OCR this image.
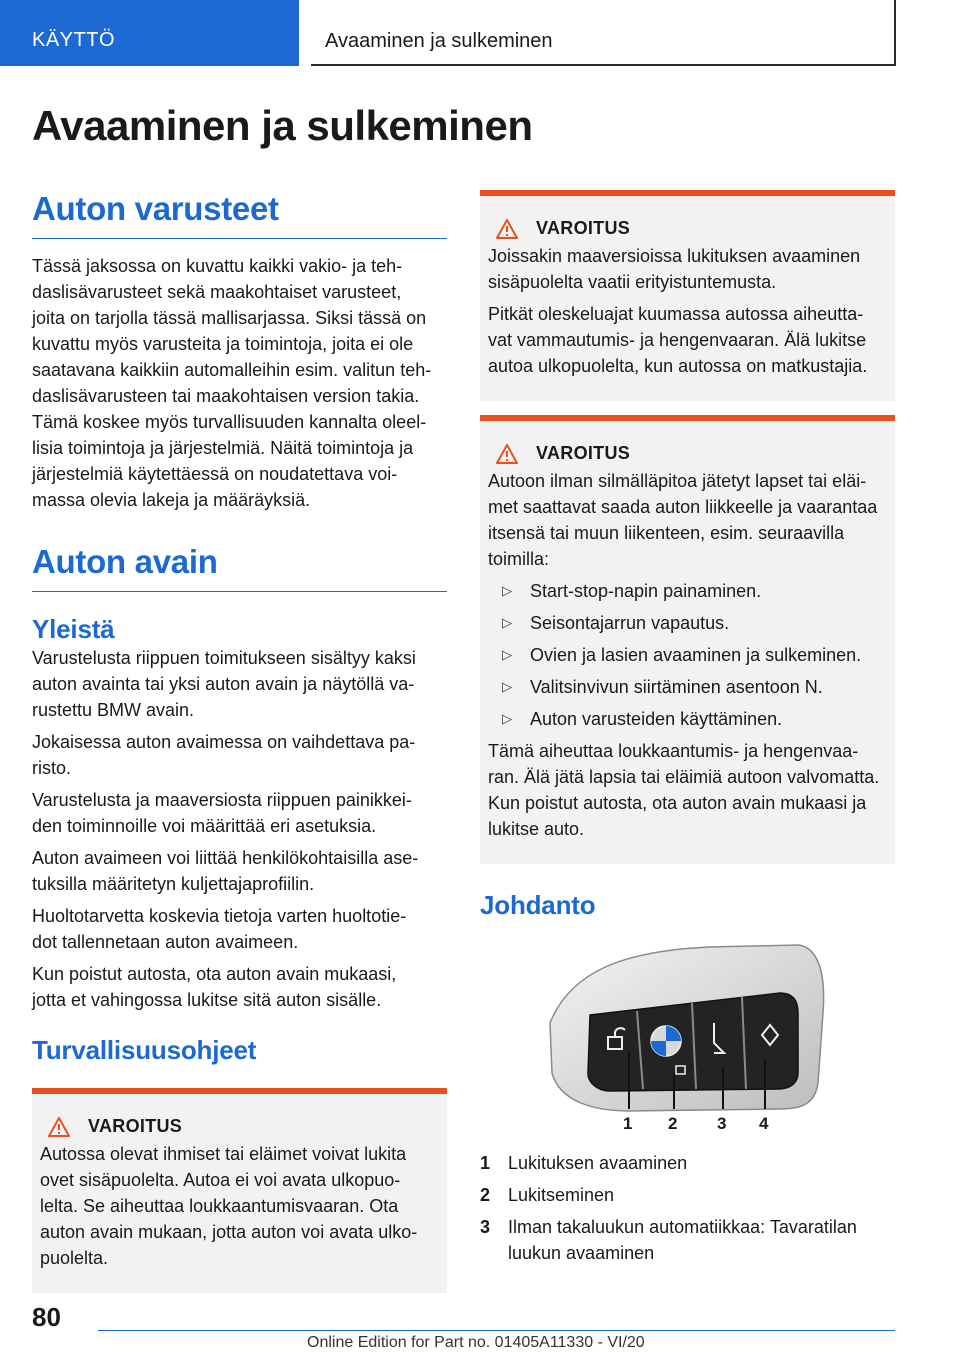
KÄYTTÖ	Avaaminen ja sulkeminen
Avaaminen ja sulkeminen
Auton varusteet

Tässä jaksossa on kuvattu kaikki vakio- ja teh-
daslisävarusteet sekä maakohtaiset varusteet,
joita on tarjolla tässä mallisarjassa. Siksi tässä on
kuvattu myös varusteita ja toimintoja, joita ei ole
saatavana kaikkiin automalleihin esim. valitun teh-
daslisävarusteen tai maakohtaisen version takia.
Tämä koskee myös turvallisuuden kannalta oleel-
lisia toimintoja ja järjestelmiä. Näitä toimintoja ja
järjestelmiä käytettäessä on noudatettava voi-
massa olevia lakeja ja määräyksiä.

Auton avain
Yleistä

Varustelusta riippuen toimitukseen sisältyy kaksi
auton avainta tai yksi auton avain ja näytöllä va-
rustettu BMW avain.

Jokaisessa auton avaimessa on vaihdettava pa-
risto.

Varustelusta ja maaversiosta riippuen painikkei-
den toiminnoille voi määrittää eri asetuksia.

Auton avaimeen voi liittää henkilökohtaisilla ase-
tuksilla määritetyn kuljettajaprofiilin.

Huoltotarvetta koskevia tietoja varten huoltotie-
dot tallennetaan auton avaimeen.

Kun poistut autosta, ota auton avain mukaasi,
jotta et vahingossa lukitse sitä auton sisälle.

Turvallisuusohjeet
VAROITUS

Autossa olevat ihmiset tai eläimet voivat lukita
ovet sisäpuolelta. Autoa ei voi avata ulkopuo-
lelta. Se aiheuttaa loukkaantumisvaaran. Ota
auton avain mukaan, jotta auton voi avata ulko-
puolelta.

VAROITUS

Joissakin maaversioissa lukituksen avaaminen
sisäpuolelta vaatii erityistuntemusta.

Pitkät oleskeluajat kuumassa autossa aiheutta-
vat vammautumis- ja hengenvaaran. Älä lukitse
autoa ulkopuolelta, kun autossa on matkustajia.

VAROITUS

Autoon ilman silmälläpitoa jätetyt lapset tai eläi-
met saattavat saada auton liikkeelle ja vaarantaa
itsensä tai muun liikenteen, esim. seuraavilla
toimilla:

▷	Start-stop-napin painaminen.
▷	Seisontajarrun vapautus.
▷	Ovien ja lasien avaaminen ja sulkeminen.
▷	Valitsinvivun siirtäminen asentoon N.
▷	Auton varusteiden käyttäminen.

Tämä aiheuttaa loukkaantumis- ja hengenvaa-
ran. Älä jätä lapsia tai eläimiä autoon valvomatta.
Kun poistut autosta, ota auton avain mukaasi ja
lukitse auto.

Johdanto
1 2 3 4
1 Lukituksen avaaminen
2 Lukitseminen
3 Ilman takaluukun automatiikkaa: Tavaratilan
luukun avaaminen
80
Online Edition for Part no. 01405A11330 - VI/20
